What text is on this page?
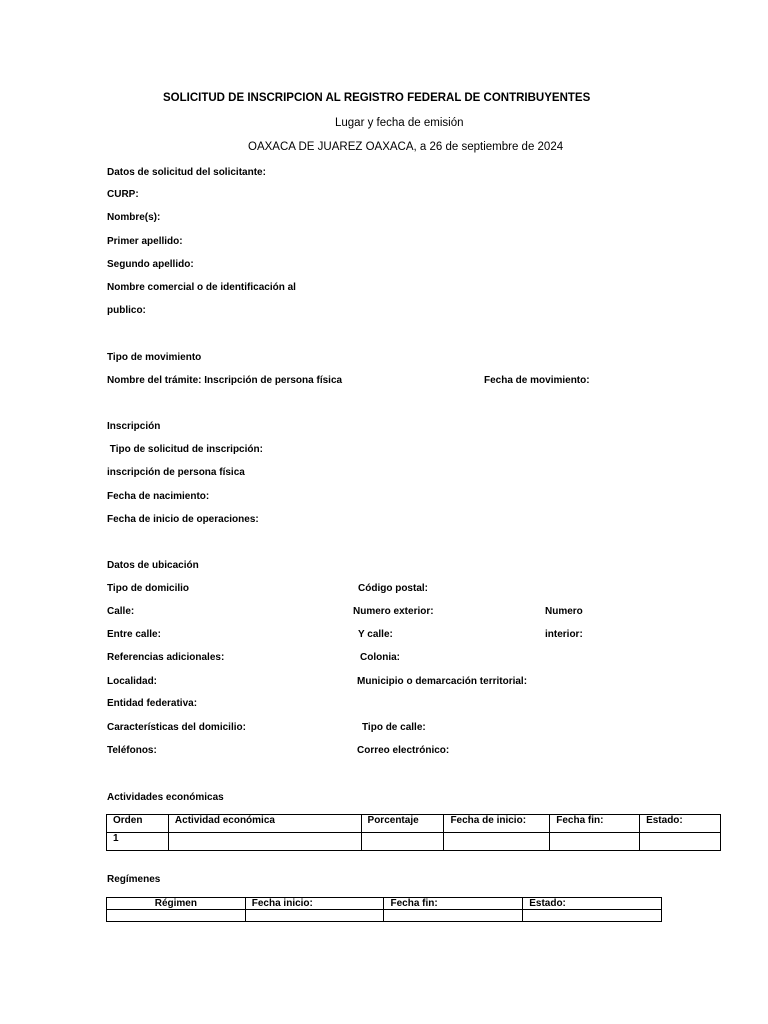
SOLICITUD DE INSCRIPCION AL REGISTRO FEDERAL DE CONTRIBUYENTES
Lugar y fecha de emisión
OAXACA DE JUAREZ OAXACA, a 26 de septiembre de 2024
Datos de solicitud del solicitante:
CURP:
Nombre(s):
Primer apellido:
Segundo apellido:
Nombre comercial o de identificación al
publico:
Tipo de movimiento
Nombre del trámite: Inscripción de persona física	Fecha de movimiento:
Inscripción
Tipo de solicitud de inscripción:
inscripción de persona física
Fecha de nacimiento:
Fecha de inicio de operaciones:
Datos de ubicación
Tipo de domicilio	Código postal:
Calle:	Numero exterior:	Numero
Entre calle:	Y calle:	interior:
Referencias adicionales:	Colonia:
Localidad:	Municipio o demarcación territorial:
Entidad federativa:
Características del domicilio:	Tipo de calle:
Teléfonos:	Correo electrónico:
Actividades económicas
Orden	Actividad económica	Porcentaje	Fecha de inicio:	Fecha fin:	Estado:
1					
Regímenes
Régimen	Fecha inicio:	Fecha fin:	Estado:
